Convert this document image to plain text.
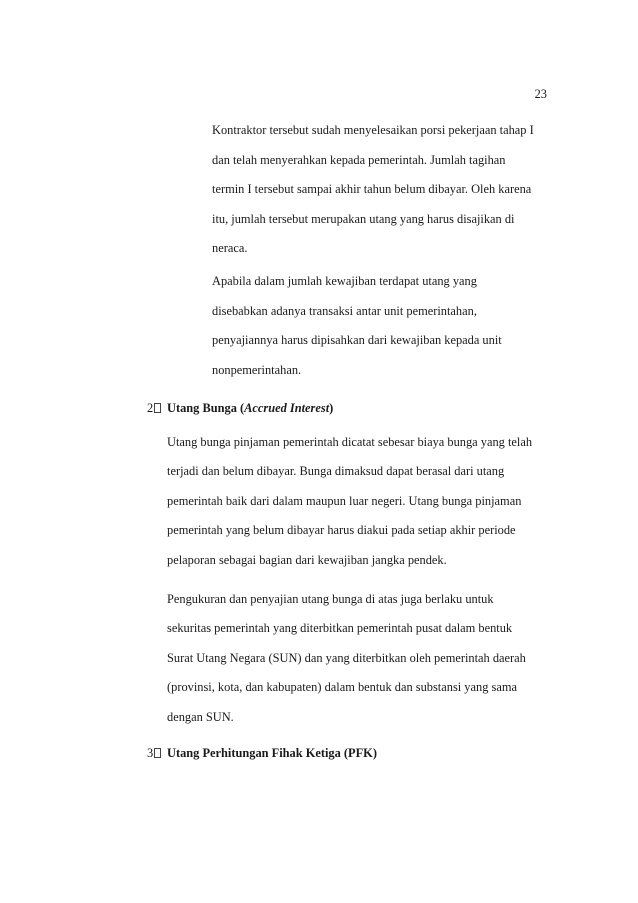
23
Kontraktor tersebut sudah menyelesaikan porsi pekerjaan tahap I
dan telah menyerahkan kepada pemerintah. Jumlah tagihan
termin I tersebut sampai akhir tahun belum dibayar. Oleh karena
itu, jumlah tersebut merupakan utang yang harus disajikan di
neraca.
Apabila dalam jumlah kewajiban terdapat utang yang
disebabkan adanya transaksi antar unit pemerintahan,
penyajiannya harus dipisahkan dari kewajiban kepada unit
nonpemerintahan.
2	Utang Bunga (Accrued Interest)
Utang bunga pinjaman pemerintah dicatat sebesar biaya bunga yang telah
terjadi dan belum dibayar. Bunga dimaksud dapat berasal dari utang
pemerintah baik dari dalam maupun luar negeri. Utang bunga pinjaman
pemerintah yang belum dibayar harus diakui pada setiap akhir periode
pelaporan sebagai bagian dari kewajiban jangka pendek.
Pengukuran dan penyajian utang bunga di atas juga berlaku untuk
sekuritas pemerintah yang diterbitkan pemerintah pusat dalam bentuk
Surat Utang Negara (SUN) dan yang diterbitkan oleh pemerintah daerah
(provinsi, kota, dan kabupaten) dalam bentuk dan substansi yang sama
dengan SUN.
3	Utang Perhitungan Fihak Ketiga (PFK)
